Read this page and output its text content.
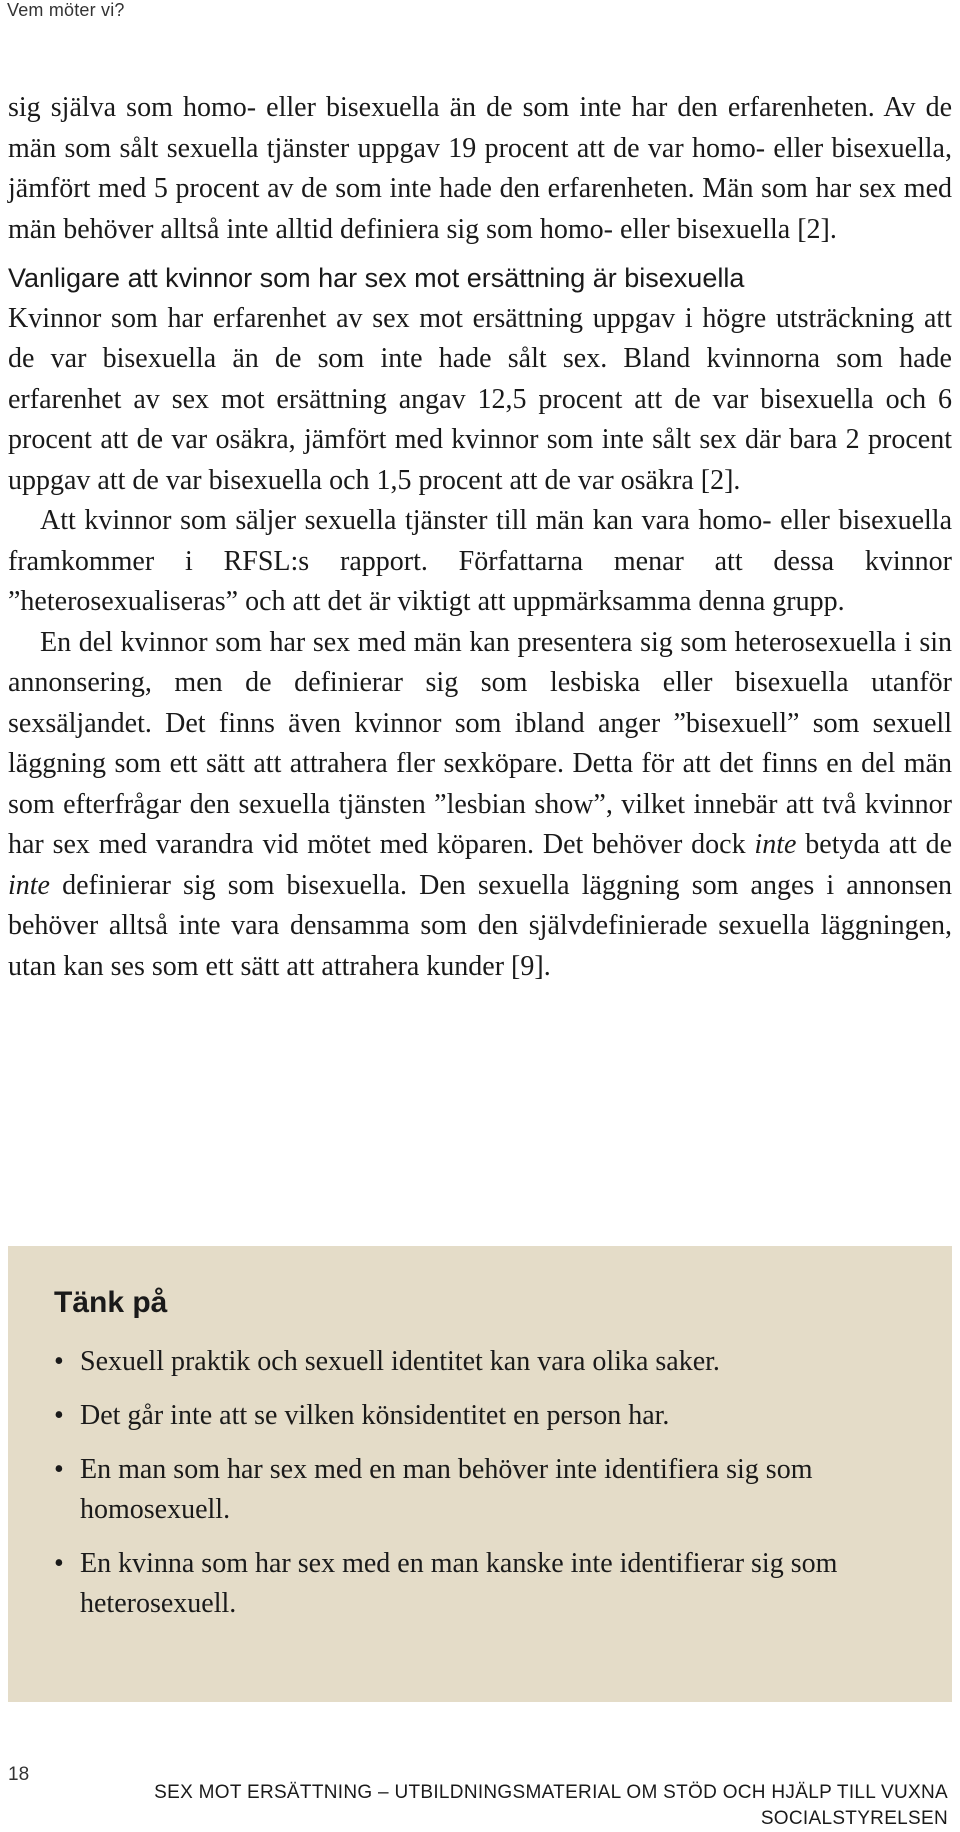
Vem möter vi?

sig själva som homo- eller bisexuella än de som inte har den erfarenheten. Av de män som sålt sexuella tjänster uppgav 19 procent att de var homo- eller bisexuella, jämfört med 5 procent av de som inte hade den erfarenheten. Män som har sex med män behöver alltså inte alltid definiera sig som homo- eller bisexuella [2].

Vanligare att kvinnor som har sex mot ersättning är bisexuella

Kvinnor som har erfarenhet av sex mot ersättning uppgav i högre utsträckning att de var bisexuella än de som inte hade sålt sex. Bland kvinnorna som hade erfarenhet av sex mot ersättning angav 12,5 procent att de var bisexuella och 6 procent att de var osäkra, jämfört med kvinnor som inte sålt sex där bara 2 procent uppgav att de var bisexuella och 1,5 procent att de var osäkra [2].

Att kvinnor som säljer sexuella tjänster till män kan vara homo- eller bisexuella framkommer i RFSL:s rapport. Författarna menar att dessa kvinnor ”heterosexualiseras” och att det är viktigt att uppmärksamma denna grupp.

En del kvinnor som har sex med män kan presentera sig som heterosexuella i sin annonsering, men de definierar sig som lesbiska eller bisexuella utanför sexsäljandet. Det finns även kvinnor som ibland anger ”bisexuell” som sexuell läggning som ett sätt att attrahera fler sexköpare. Detta för att det finns en del män som efterfrågar den sexuella tjänsten ”lesbian show”, vilket innebär att två kvinnor har sex med varandra vid mötet med köparen. Det behöver dock inte betyda att de inte definierar sig som bisexuella. Den sexuella läggning som anges i annonsen behöver alltså inte vara densamma som den självdefinierade sexuella läggningen, utan kan ses som ett sätt att attrahera kunder [9].

Tänk på
• Sexuell praktik och sexuell identitet kan vara olika saker.
• Det går inte att se vilken könsidentitet en person har.
• En man som har sex med en man behöver inte identifiera sig som homosexuell.
• En kvinna som har sex med en man kanske inte identifierar sig som heterosexuell.
18
SEX MOT ERSÄTTNING – UTBILDNINGSMATERIAL OM STÖD OCH HJÄLP TILL VUXNA
SOCIALSTYRELSEN
